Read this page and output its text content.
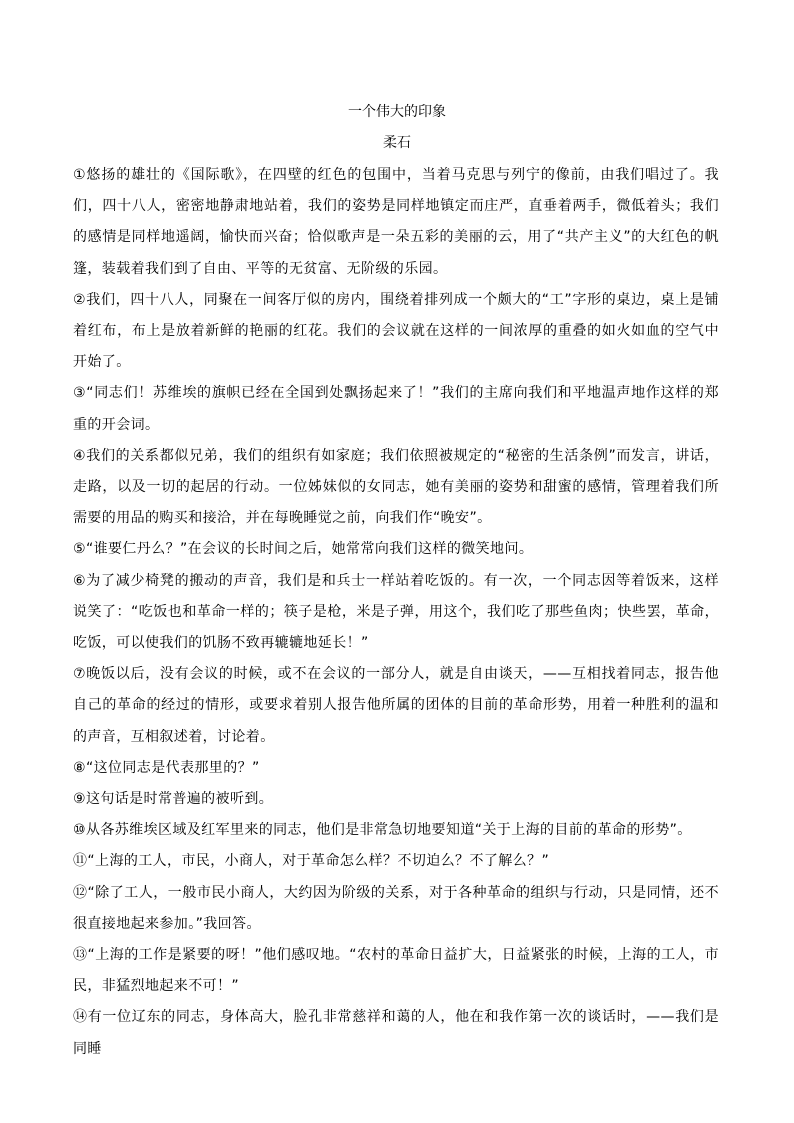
一个伟大的印象
柔石

①悠扬的雄壮的《国际歌》，在四壁的红色的包围中，当着马克思与列宁的像前，由我们唱过了。我们，四十八人，密密地静肃地站着，我们的姿势是同样地镇定而庄严，直垂着两手，微低着头；我们的感情是同样地遥阔，愉快而兴奋；恰似歌声是一朵五彩的美丽的云，用了“共产主义”的大红色的帆篷，装载着我们到了自由、平等的无贫富、无阶级的乐园。

②我们，四十八人，同聚在一间客厅似的房内，围绕着排列成一个颇大的“工”字形的桌边，桌上是铺着红布，布上是放着新鲜的艳丽的红花。我们的会议就在这样的一间浓厚的重叠的如火如血的空气中开始了。

③“同志们！苏维埃的旗帜已经在全国到处飘扬起来了！”我们的主席向我们和平地温声地作这样的郑重的开会词。

④我们的关系都似兄弟，我们的组织有如家庭；我们依照被规定的“秘密的生活条例”而发言，讲话，走路，以及一切的起居的行动。一位姊妹似的女同志，她有美丽的姿势和甜蜜的感情，管理着我们所需要的用品的购买和接洽，并在每晚睡觉之前，向我们作“晚安”。

⑤“谁要仁丹么？”在会议的长时间之后，她常常向我们这样的微笑地问。

⑥为了减少椅凳的搬动的声音，我们是和兵士一样站着吃饭的。有一次，一个同志因等着饭来，这样说笑了：“吃饭也和革命一样的；筷子是枪，米是子弹，用这个，我们吃了那些鱼肉；快些罢，革命，吃饭，可以使我们的饥肠不致再辘辘地延长！”

⑦晚饭以后，没有会议的时候，或不在会议的一部分人，就是自由谈天，——互相找着同志，报告他自己的革命的经过的情形，或要求着别人报告他所属的团体的目前的革命形势，用着一种胜利的温和的声音，互相叙述着，讨论着。

⑧“这位同志是代表那里的？”

⑨这句话是时常普遍的被听到。

⑩从各苏维埃区域及红军里来的同志，他们是非常急切地要知道“关于上海的目前的革命的形势”。

⑪“上海的工人，市民，小商人，对于革命怎么样？不切迫么？不了解么？”

⑫“除了工人，一般市民小商人，大约因为阶级的关系，对于各种革命的组织与行动，只是同情，还不很直接地起来参加。”我回答。

⑬“上海的工作是紧要的呀！”他们感叹地。“农村的革命日益扩大，日益紧张的时候，上海的工人，市民，非猛烈地起来不可！”

⑭有一位辽东的同志，身体高大，脸孔非常慈祥和蔼的人，他在和我作第一次的谈话时，——我们是同睡
